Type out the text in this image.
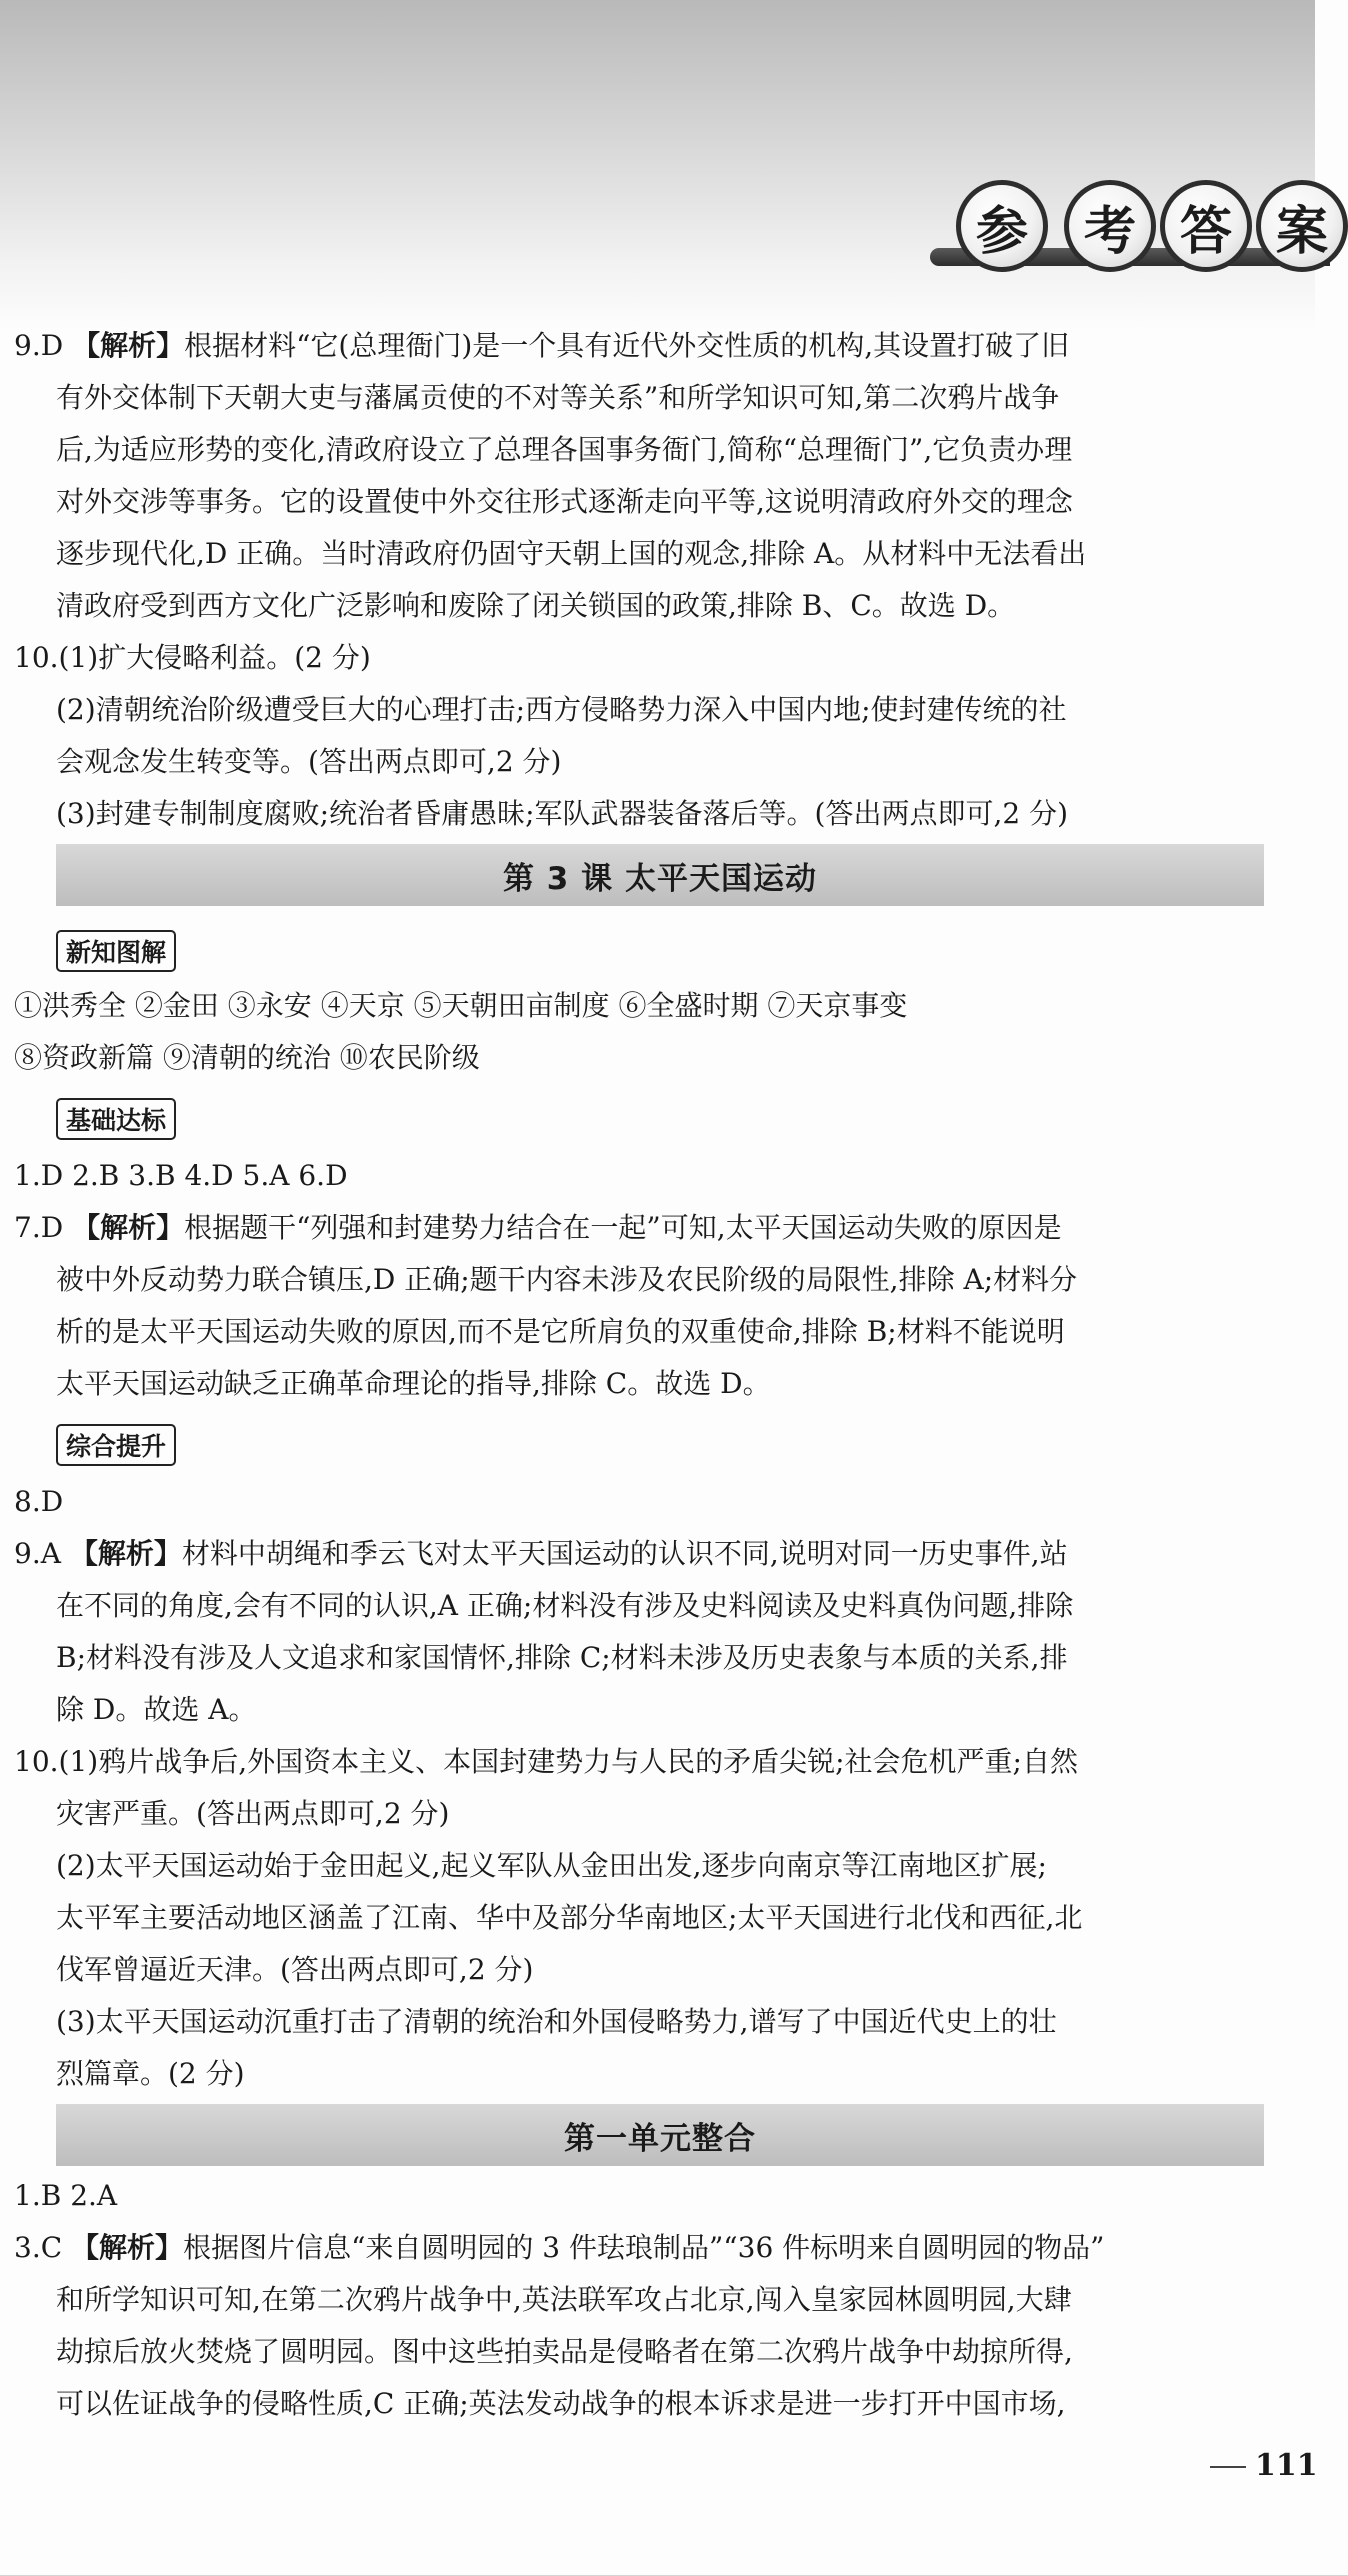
参	考 答 案
9.D 【解析】根据材料“它(总理衙门)是一个具有近代外交性质的机构,其设置打破了旧
有外交体制下天朝大吏与藩属贡使的不对等关系”和所学知识可知,第二次鸦片战争
后,为适应形势的变化,清政府设立了总理各国事务衙门,简称“总理衙门”,它负责办理
对外交涉等事务。它的设置使中外交往形式逐渐走向平等,这说明清政府外交的理念
逐步现代化,D 正确。当时清政府仍固守天朝上国的观念,排除 A。从材料中无法看出
清政府受到西方文化广泛影响和废除了闭关锁国的政策,排除 B、C。故选 D。
10.(1)扩大侵略利益。(2 分)
(2)清朝统治阶级遭受巨大的心理打击;西方侵略势力深入中国内地;使封建传统的社
会观念发生转变等。(答出两点即可,2 分)
(3)封建专制制度腐败;统治者昏庸愚昧;军队武器装备落后等。(答出两点即可,2 分)
第 3 课 太平天国运动
新知图解
①洪秀全 ②金田 ③永安 ④天京 ⑤天朝田亩制度 ⑥全盛时期 ⑦天京事变
⑧资政新篇 ⑨清朝的统治 ⑩农民阶级
基础达标
1.D 2.B 3.B 4.D 5.A 6.D
7.D 【解析】根据题干“列强和封建势力结合在一起”可知,太平天国运动失败的原因是
被中外反动势力联合镇压,D 正确;题干内容未涉及农民阶级的局限性,排除 A;材料分
析的是太平天国运动失败的原因,而不是它所肩负的双重使命,排除 B;材料不能说明
太平天国运动缺乏正确革命理论的指导,排除 C。故选 D。
综合提升
8.D
9.A 【解析】材料中胡绳和季云飞对太平天国运动的认识不同,说明对同一历史事件,站
在不同的角度,会有不同的认识,A 正确;材料没有涉及史料阅读及史料真伪问题,排除
B;材料没有涉及人文追求和家国情怀,排除 C;材料未涉及历史表象与本质的关系,排
除 D。故选 A。
10.(1)鸦片战争后,外国资本主义、本国封建势力与人民的矛盾尖锐;社会危机严重;自然
灾害严重。(答出两点即可,2 分)
(2)太平天国运动始于金田起义,起义军队从金田出发,逐步向南京等江南地区扩展;
太平军主要活动地区涵盖了江南、华中及部分华南地区;太平天国进行北伐和西征,北
伐军曾逼近天津。(答出两点即可,2 分)
(3)太平天国运动沉重打击了清朝的统治和外国侵略势力,谱写了中国近代史上的壮
烈篇章。(2 分)
第一单元整合
1.B 2.A
3.C 【解析】根据图片信息“来自圆明园的 3 件珐琅制品”“36 件标明来自圆明园的物品”
和所学知识可知,在第二次鸦片战争中,英法联军攻占北京,闯入皇家园林圆明园,大肆
劫掠后放火焚烧了圆明园。图中这些拍卖品是侵略者在第二次鸦片战争中劫掠所得,
可以佐证战争的侵略性质,C 正确;英法发动战争的根本诉求是进一步打开中国市场,
111
